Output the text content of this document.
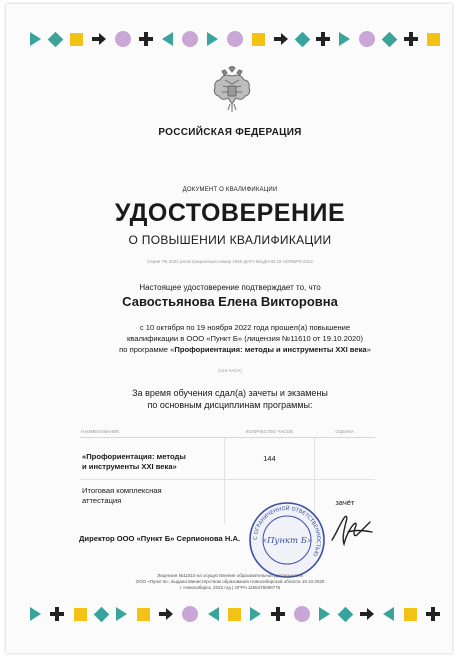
РОССИЙСКАЯ ФЕДЕРАЦИЯ
ДОКУМЕНТ О КВАЛИФИКАЦИИ
УДОСТОВЕРЕНИЕ
О ПОВЫШЕНИИ КВАЛИФИКАЦИИ
Серия ПК 2022 регистрационный номер 1966 ДАТА ВЫДАЧИ 22 НОЯБРЯ 2022
Настоящее удостоверение подтверждает то, что
Савостьянова Елена Викторовна
с 10 октября по 19 ноября 2022 года прошел(а) повышение
квалификации в ООО «Пункт Б» (лицензия №11610 от 19.10.2020)
по программе «Профориентация: методы и инструменты XXI века»
(144 ЧАСА)
За время обучения сдал(а) зачеты и экзамены
по основным дисциплинам программы:
НАИМЕНОВАНИЕ	КОЛИЧЕСТВО ЧАСОВ	ОЦЕНКА

«Профориентация: методы
и инструменты XXI века»	144	

Итоговая комплексная
аттестация		зачёт
Директор ООО «Пункт Б» Серпионова Н.А. С ОГРАНИЧЕННОЙ ОТВЕТСТВЕННОСТЬЮ
«Пункт Б»
Лицензия №11610 на осуществление образовательной деятельности
ООО «Пункт Б», выдана Министерством образования Новосибирской области 19.10.2020
г. Новосибирск, 2022 год | ОГРН 1165476098776
